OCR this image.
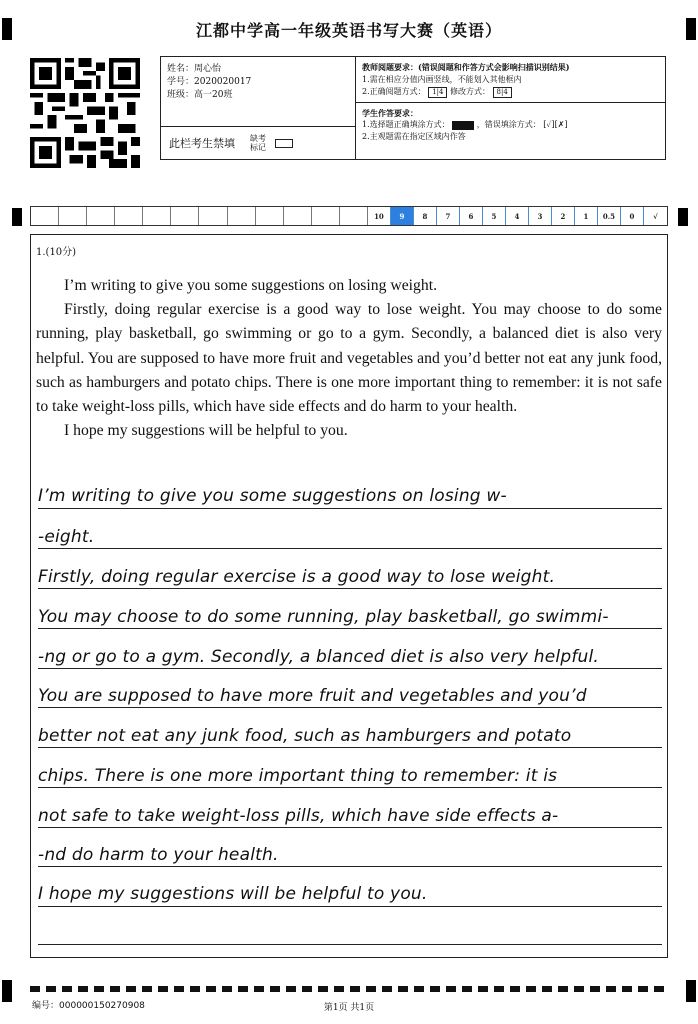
江都中学高一年级英语书写大赛（英语）
姓名：周心怡
学号：2020020017
班级：高一20班
此栏考生禁填 缺考标记
教师阅题要求：(错误阅题和作答方式会影响扫描识别结果)
1.需在相应分值内画竖线，不能划入其他框内
2.正确阅题方式： 1|4 修改方式： 8|4
学生作答要求：
1.选择题正确填涂方式：	，错误填涂方式： [✓][✗]
2.主观题需在指定区域内作答
10	9	8	7	6	5	4	3	2	1	0.5	0	√
1.(10分)

I’m writing to give you some suggestions on losing weight.

Firstly, doing regular exercise is a good way to lose weight. You may choose to do some running, play basketball, go swimming or go to a gym. Secondly, a balanced diet is also very helpful. You are supposed to have more fruit and vegetables and you’d better not eat any junk food, such as hamburgers and potato chips. There is one more important thing to remember: it is not safe to take weight-loss pills, which have side effects and do harm to your health.

I hope my suggestions will be helpful to you.

I’m writing to give you some suggestions on losing w-
-eight.
Firstly, doing regular exercise is a good way to lose weight.
You may choose to do some running, play basketball, go swimmi-
-ng or go to a gym. Secondly, a blanced diet is also very helpful.
You are supposed to have more fruit and vegetables and you’d
better not eat any junk food, such as hamburgers and potato
chips. There is one more important thing to remember: it is
not safe to take weight-loss pills, which have side effects a-
-nd do harm to your health.
I hope my suggestions will be helpful to you.
编号：000000150270908	第1页 共1页
